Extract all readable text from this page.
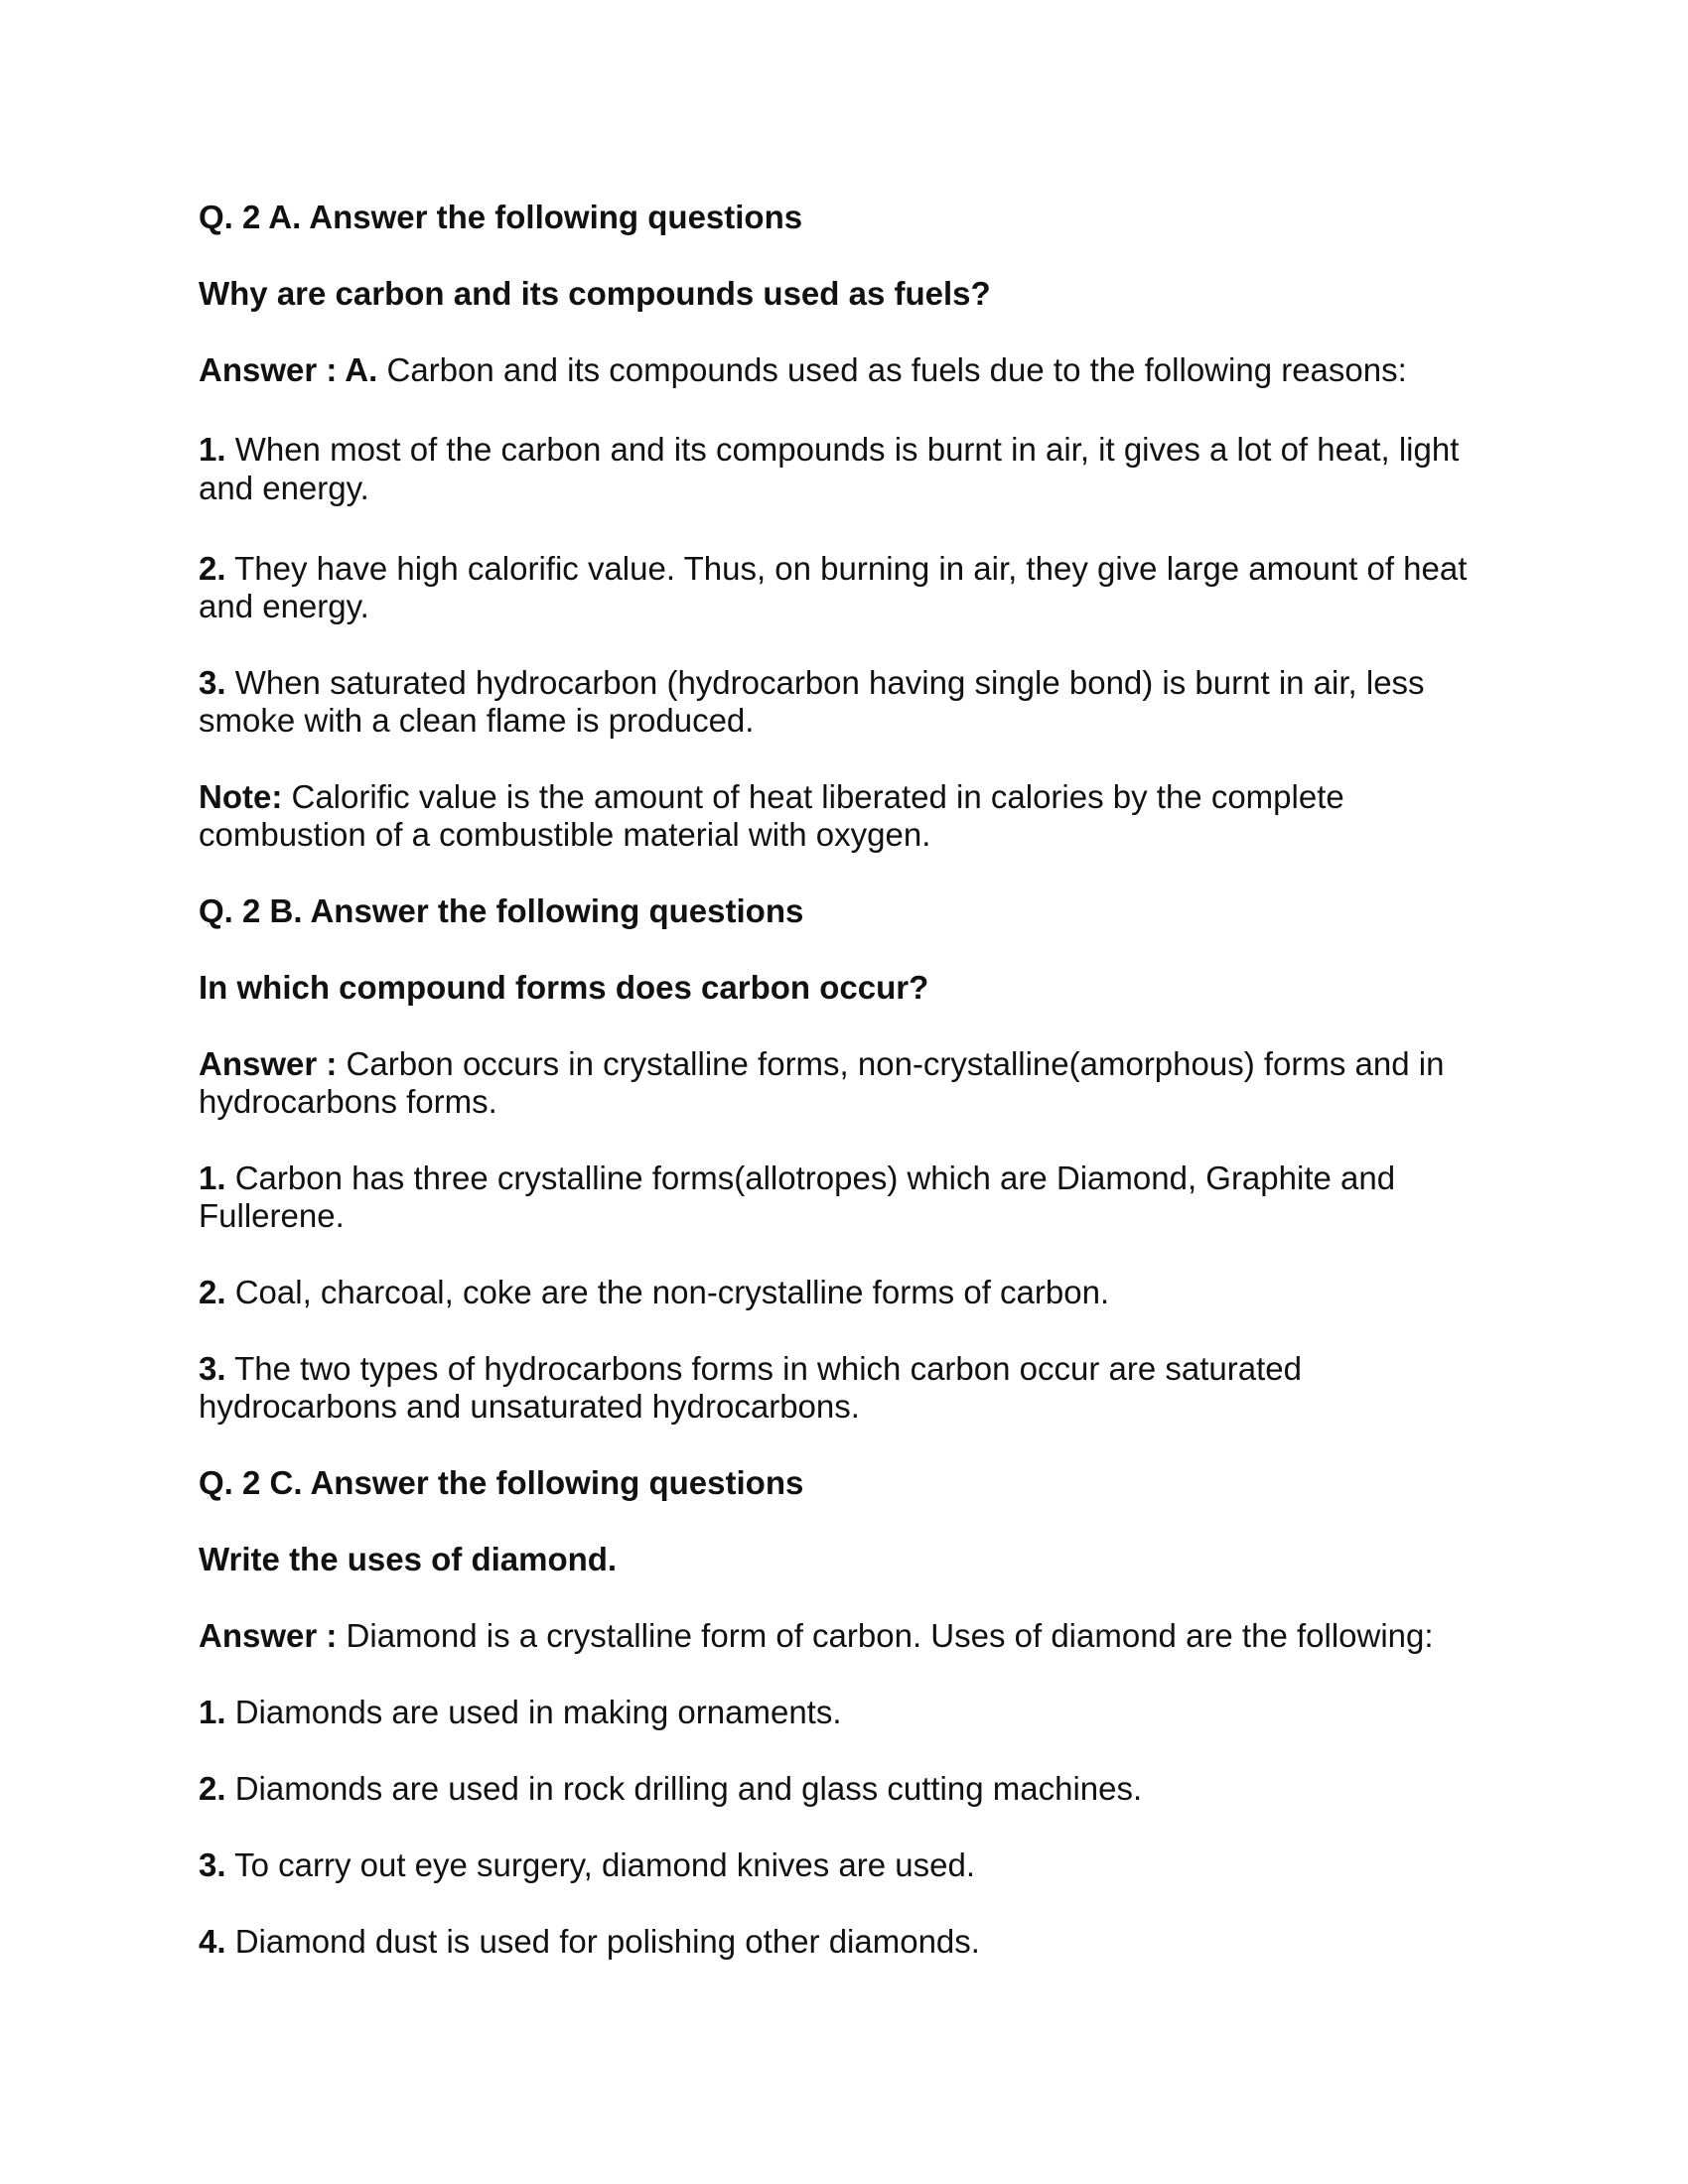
Q. 2 A. Answer the following questions
Why are carbon and its compounds used as fuels?
Answer : A. Carbon and its compounds used as fuels due to the following reasons:
1. When most of the carbon and its compounds is burnt in air, it gives a lot of heat, light
and energy.
2. They have high calorific value. Thus, on burning in air, they give large amount of heat
and energy.
3. When saturated hydrocarbon (hydrocarbon having single bond) is burnt in air, less
smoke with a clean flame is produced.
Note: Calorific value is the amount of heat liberated in calories by the complete
combustion of a combustible material with oxygen.
Q. 2 B. Answer the following questions
In which compound forms does carbon occur?
Answer : Carbon occurs in crystalline forms, non-crystalline(amorphous) forms and in
hydrocarbons forms.
1. Carbon has three crystalline forms(allotropes) which are Diamond, Graphite and
Fullerene.
2. Coal, charcoal, coke are the non-crystalline forms of carbon.
3. The two types of hydrocarbons forms in which carbon occur are saturated
hydrocarbons and unsaturated hydrocarbons.
Q. 2 C. Answer the following questions
Write the uses of diamond.
Answer : Diamond is a crystalline form of carbon. Uses of diamond are the following:
1. Diamonds are used in making ornaments.
2. Diamonds are used in rock drilling and glass cutting machines.
3. To carry out eye surgery, diamond knives are used.
4. Diamond dust is used for polishing other diamonds.
